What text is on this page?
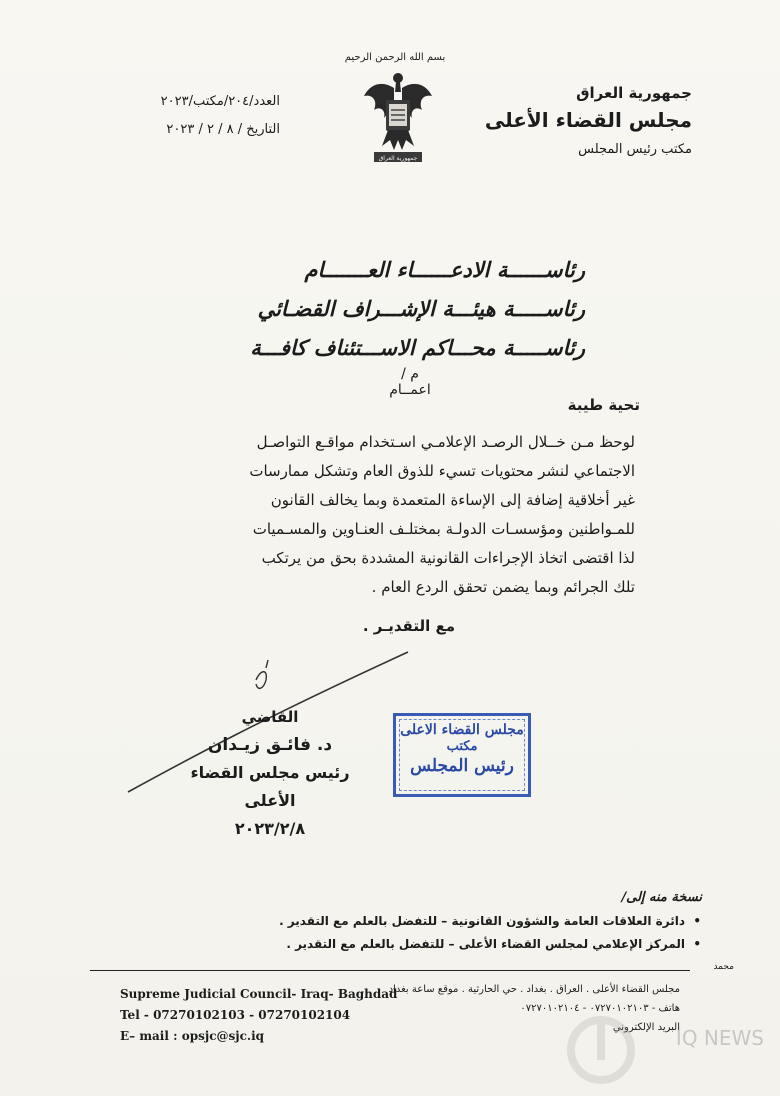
بسم الله الرحمن الرحيم
جمهورية العراق
جمهورية العراق
مجلس القضاء الأعلى
مكتب رئيس المجلس
العدد/٢٠٤/مكتب/٢٠٢٣
التاريخ / ٨ / ٢ / ٢٠٢٣
رئاســــــة الادعــــــاء العـــــــام
رئاســـــة هيئـــة الإشـــراف القضـائي
رئاســـــة محـــاكم الاســـتئناف كافـــة
م / اعمــام
تحية طيبة
لوحظ مـن خــلال الرصـد الإعلامـي اسـتخدام مواقـع التواصـل
الاجتماعي لنشر محتويات تسيء للذوق العام وتشكل ممارسات
غير أخلاقية إضافة إلى الإساءة المتعمدة وبما يخالف القانون
للمـواطنين ومؤسسـات الدولـة بمختلـف العنـاوين والمسـميات
لذا اقتضى اتخاذ الإجراءات القانونية المشددة بحق من يرتكب
تلك الجرائم وبما يضمن تحقق الردع العام .
مع التقديـر .
القاضي
د. فائـق زيـدان
رئيس مجلس القضاء الأعلى
٢٠٢٣/٢/٨
مجلس القضاء الاعلى
مكتب
رئيس المجلس
نسخة منه إلى/
• دائرة العلاقات العامة والشؤون القانونية – للتفضل بالعلم مع التقدير .
• المركز الإعلامي لمجلس القضاء الأعلى – للتفضل بالعلم مع التقدير .
محمد
Supreme Judicial Council- Iraq- Baghdad
Tel - 07270102103 - 07270102104
E– mail : opsjc@sjc.iq
مجلس القضاء الأعلى . العراق . بغداد . حي الحارثية . موقع ساعة بغداد
هاتف - ٠٧٢٧٠١٠٢١٠٣ - ٠٧٢٧٠١٠٢١٠٤
البريد الإلكتروني
IQ NEWS
